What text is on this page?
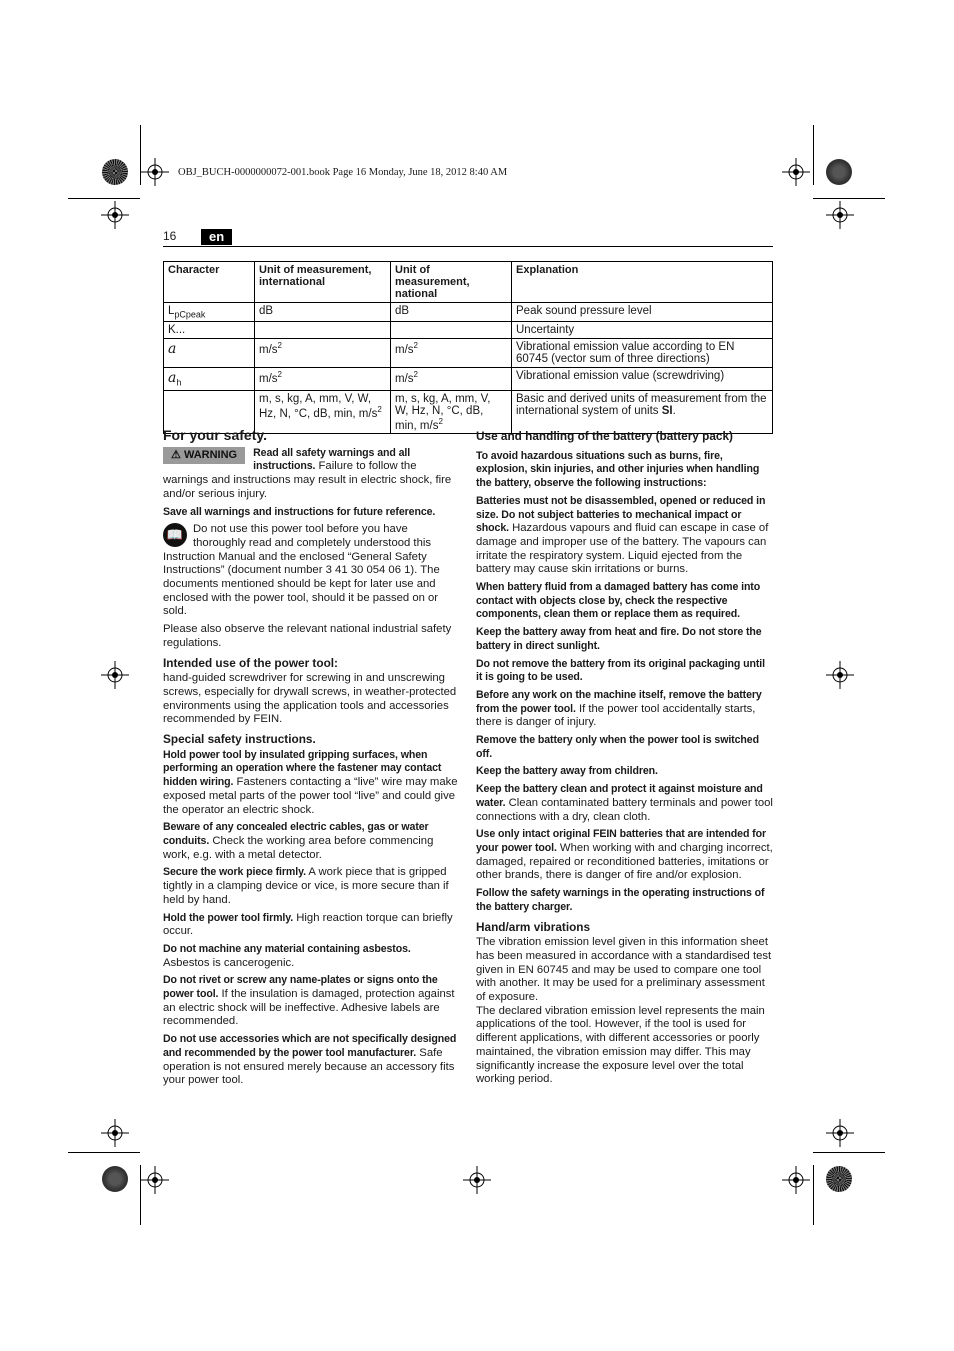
OBJ_BUCH-0000000072-001.book Page 16 Monday, June 18, 2012 8:40 AM
16	en
Character	Unit of measurement, international	Unit of measurement, national	Explanation
$L_{pCpeak}$	dB	dB	Peak sound pressure level
K...			Uncertainty
a	$m/s^2$	$m/s^2$	Vibrational emission value according to EN 60745 (vector sum of three directions)
$a_h$	$m/s^2$	$m/s^2$	Vibrational emission value (screwdriving)
	m, s, kg, A, mm, V, W, Hz, N, °C, dB, min, $m/s^2$	m, s, kg, A, mm, V, W, Hz, N, °C, dB, min, $m/s^2$	Basic and derived units of measurement from the international system of units SI.
For your safety.

⚠ WARNING	Read all safety warnings and all instructions. Failure to follow the warnings and instructions may result in electric shock, fire and/or serious injury.

Save all warnings and instructions for future reference.

📖 Do not use this power tool before you have thoroughly read and completely understood this Instruction Manual and the enclosed “General Safety Instructions” (document number 3 41 30 054 06 1). The documents mentioned should be kept for later use and enclosed with the power tool, should it be passed on or sold.

Please also observe the relevant national industrial safety regulations.

Intended use of the power tool:

hand-guided screwdriver for screwing in and unscrewing screws, especially for drywall screws, in weather-protected environments using the application tools and accessories recommended by FEIN.

Special safety instructions.

Hold power tool by insulated gripping surfaces, when performing an operation where the fastener may contact hidden wiring. Fasteners contacting a “live” wire may make exposed metal parts of the power tool “live” and could give the operator an electric shock.

Beware of any concealed electric cables, gas or water conduits. Check the working area before commencing work, e.g. with a metal detector.

Secure the work piece firmly. A work piece that is gripped tightly in a clamping device or vice, is more secure than if held by hand.

Hold the power tool firmly. High reaction torque can briefly occur.

Do not machine any material containing asbestos. Asbestos is cancerogenic.

Do not rivet or screw any name-plates or signs onto the power tool. If the insulation is damaged, protection against an electric shock will be ineffective. Adhesive labels are recommended.

Do not use accessories which are not specifically designed and recommended by the power tool manufacturer. Safe operation is not ensured merely because an accessory fits your power tool.

Use and handling of the battery (battery pack)

To avoid hazardous situations such as burns, fire, explosion, skin injuries, and other injuries when handling the battery, observe the following instructions:

Batteries must not be disassembled, opened or reduced in size. Do not subject batteries to mechanical impact or shock. Hazardous vapours and fluid can escape in case of damage and improper use of the battery. The vapours can irritate the respiratory system. Liquid ejected from the battery may cause skin irritations or burns.

When battery fluid from a damaged battery has come into contact with objects close by, check the respective components, clean them or replace them as required.

Keep the battery away from heat and fire. Do not store the battery in direct sunlight.

Do not remove the battery from its original packaging until it is going to be used.

Before any work on the machine itself, remove the battery from the power tool. If the power tool accidentally starts, there is danger of injury.

Remove the battery only when the power tool is switched off.

Keep the battery away from children.

Keep the battery clean and protect it against moisture and water. Clean contaminated battery terminals and power tool connections with a dry, clean cloth.

Use only intact original FEIN batteries that are intended for your power tool. When working with and charging incorrect, damaged, repaired or reconditioned batteries, imitations or other brands, there is danger of fire and/or explosion.

Follow the safety warnings in the operating instructions of the battery charger.

Hand/arm vibrations

The vibration emission level given in this information sheet has been measured in accordance with a standardised test given in EN 60745 and may be used to compare one tool with another. It may be used for a preliminary assessment of exposure.

The declared vibration emission level represents the main applications of the tool. However, if the tool is used for different applications, with different accessories or poorly maintained, the vibration emission may differ. This may significantly increase the exposure level over the total working period.
